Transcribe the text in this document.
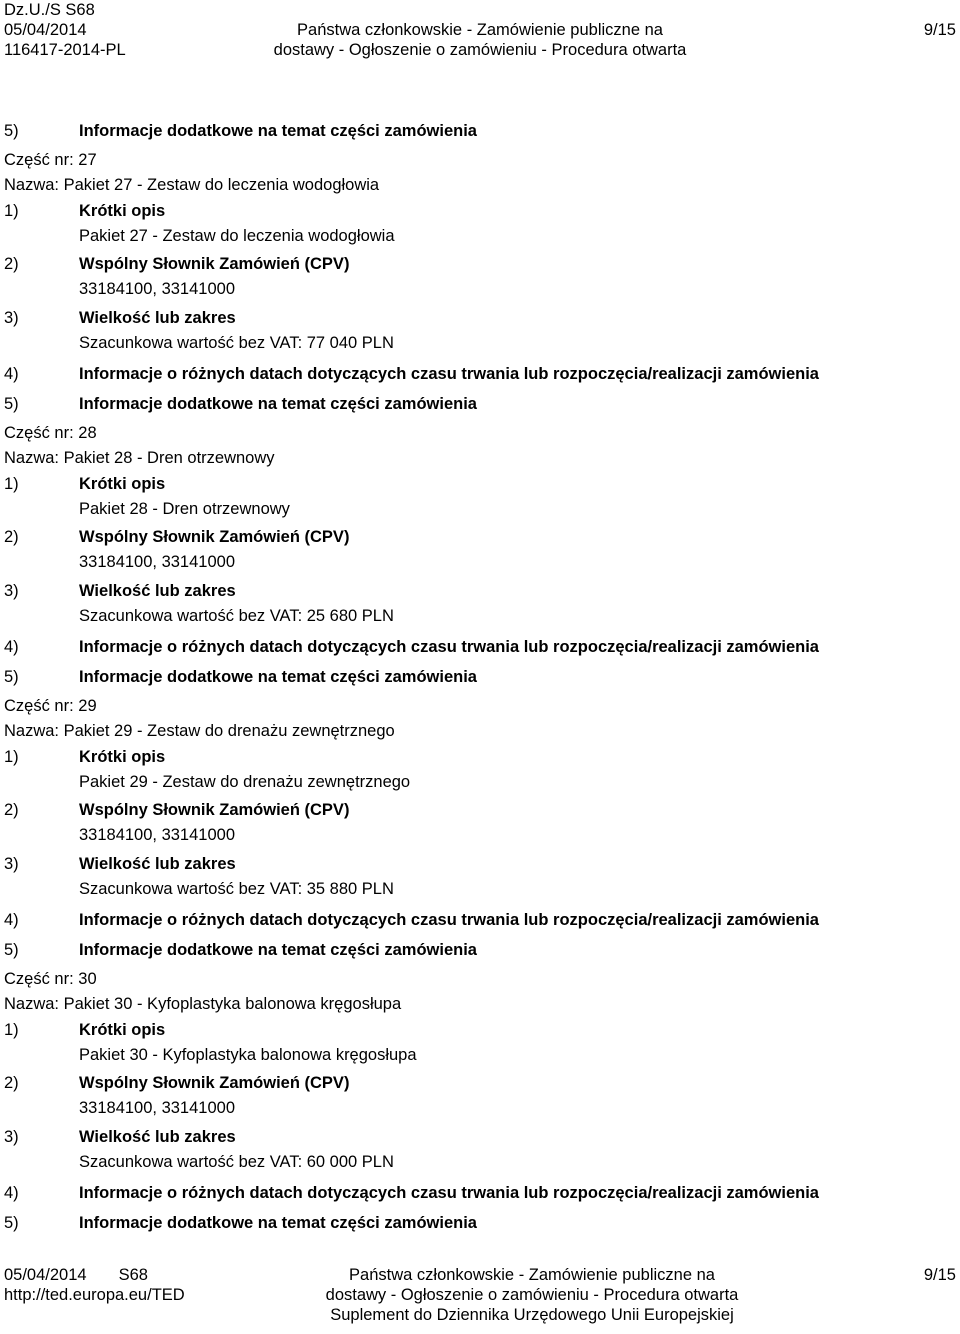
Dz.U./S S68
05/04/2014
116417-2014-PL
Państwa członkowskie - Zamówienie publiczne na
dostawy - Ogłoszenie o zamówieniu - Procedura otwarta
9/15
5)	Informacje dodatkowe na temat części zamówienia
Część nr: 27
Nazwa: Pakiet 27 - Zestaw do leczenia wodogłowia
1)	Krótki opis
Pakiet 27 - Zestaw do leczenia wodogłowia
2)	Wspólny Słownik Zamówień (CPV)
33184100, 33141000
3)	Wielkość lub zakres
Szacunkowa wartość bez VAT: 77 040 PLN
4)	Informacje o różnych datach dotyczących czasu trwania lub rozpoczęcia/realizacji zamówienia
5)	Informacje dodatkowe na temat części zamówienia
Część nr: 28
Nazwa: Pakiet 28 - Dren otrzewnowy
1)	Krótki opis
Pakiet 28 - Dren otrzewnowy
2)	Wspólny Słownik Zamówień (CPV)
33184100, 33141000
3)	Wielkość lub zakres
Szacunkowa wartość bez VAT: 25 680 PLN
4)	Informacje o różnych datach dotyczących czasu trwania lub rozpoczęcia/realizacji zamówienia
5)	Informacje dodatkowe na temat części zamówienia
Część nr: 29
Nazwa: Pakiet 29 - Zestaw do drenażu zewnętrznego
1)	Krótki opis
Pakiet 29 - Zestaw do drenażu zewnętrznego
2)	Wspólny Słownik Zamówień (CPV)
33184100, 33141000
3)	Wielkość lub zakres
Szacunkowa wartość bez VAT: 35 880 PLN
4)	Informacje o różnych datach dotyczących czasu trwania lub rozpoczęcia/realizacji zamówienia
5)	Informacje dodatkowe na temat części zamówienia
Część nr: 30
Nazwa: Pakiet 30 - Kyfoplastyka balonowa kręgosłupa
1)	Krótki opis
Pakiet 30 - Kyfoplastyka balonowa kręgosłupa
2)	Wspólny Słownik Zamówień (CPV)
33184100, 33141000
3)	Wielkość lub zakres
Szacunkowa wartość bez VAT: 60 000 PLN
4)	Informacje o różnych datach dotyczących czasu trwania lub rozpoczęcia/realizacji zamówienia
5)	Informacje dodatkowe na temat części zamówienia
05/04/2014 S68
http://ted.europa.eu/TED
Państwa członkowskie - Zamówienie publiczne na
dostawy - Ogłoszenie o zamówieniu - Procedura otwarta
Suplement do Dziennika Urzędowego Unii Europejskiej
9/15
